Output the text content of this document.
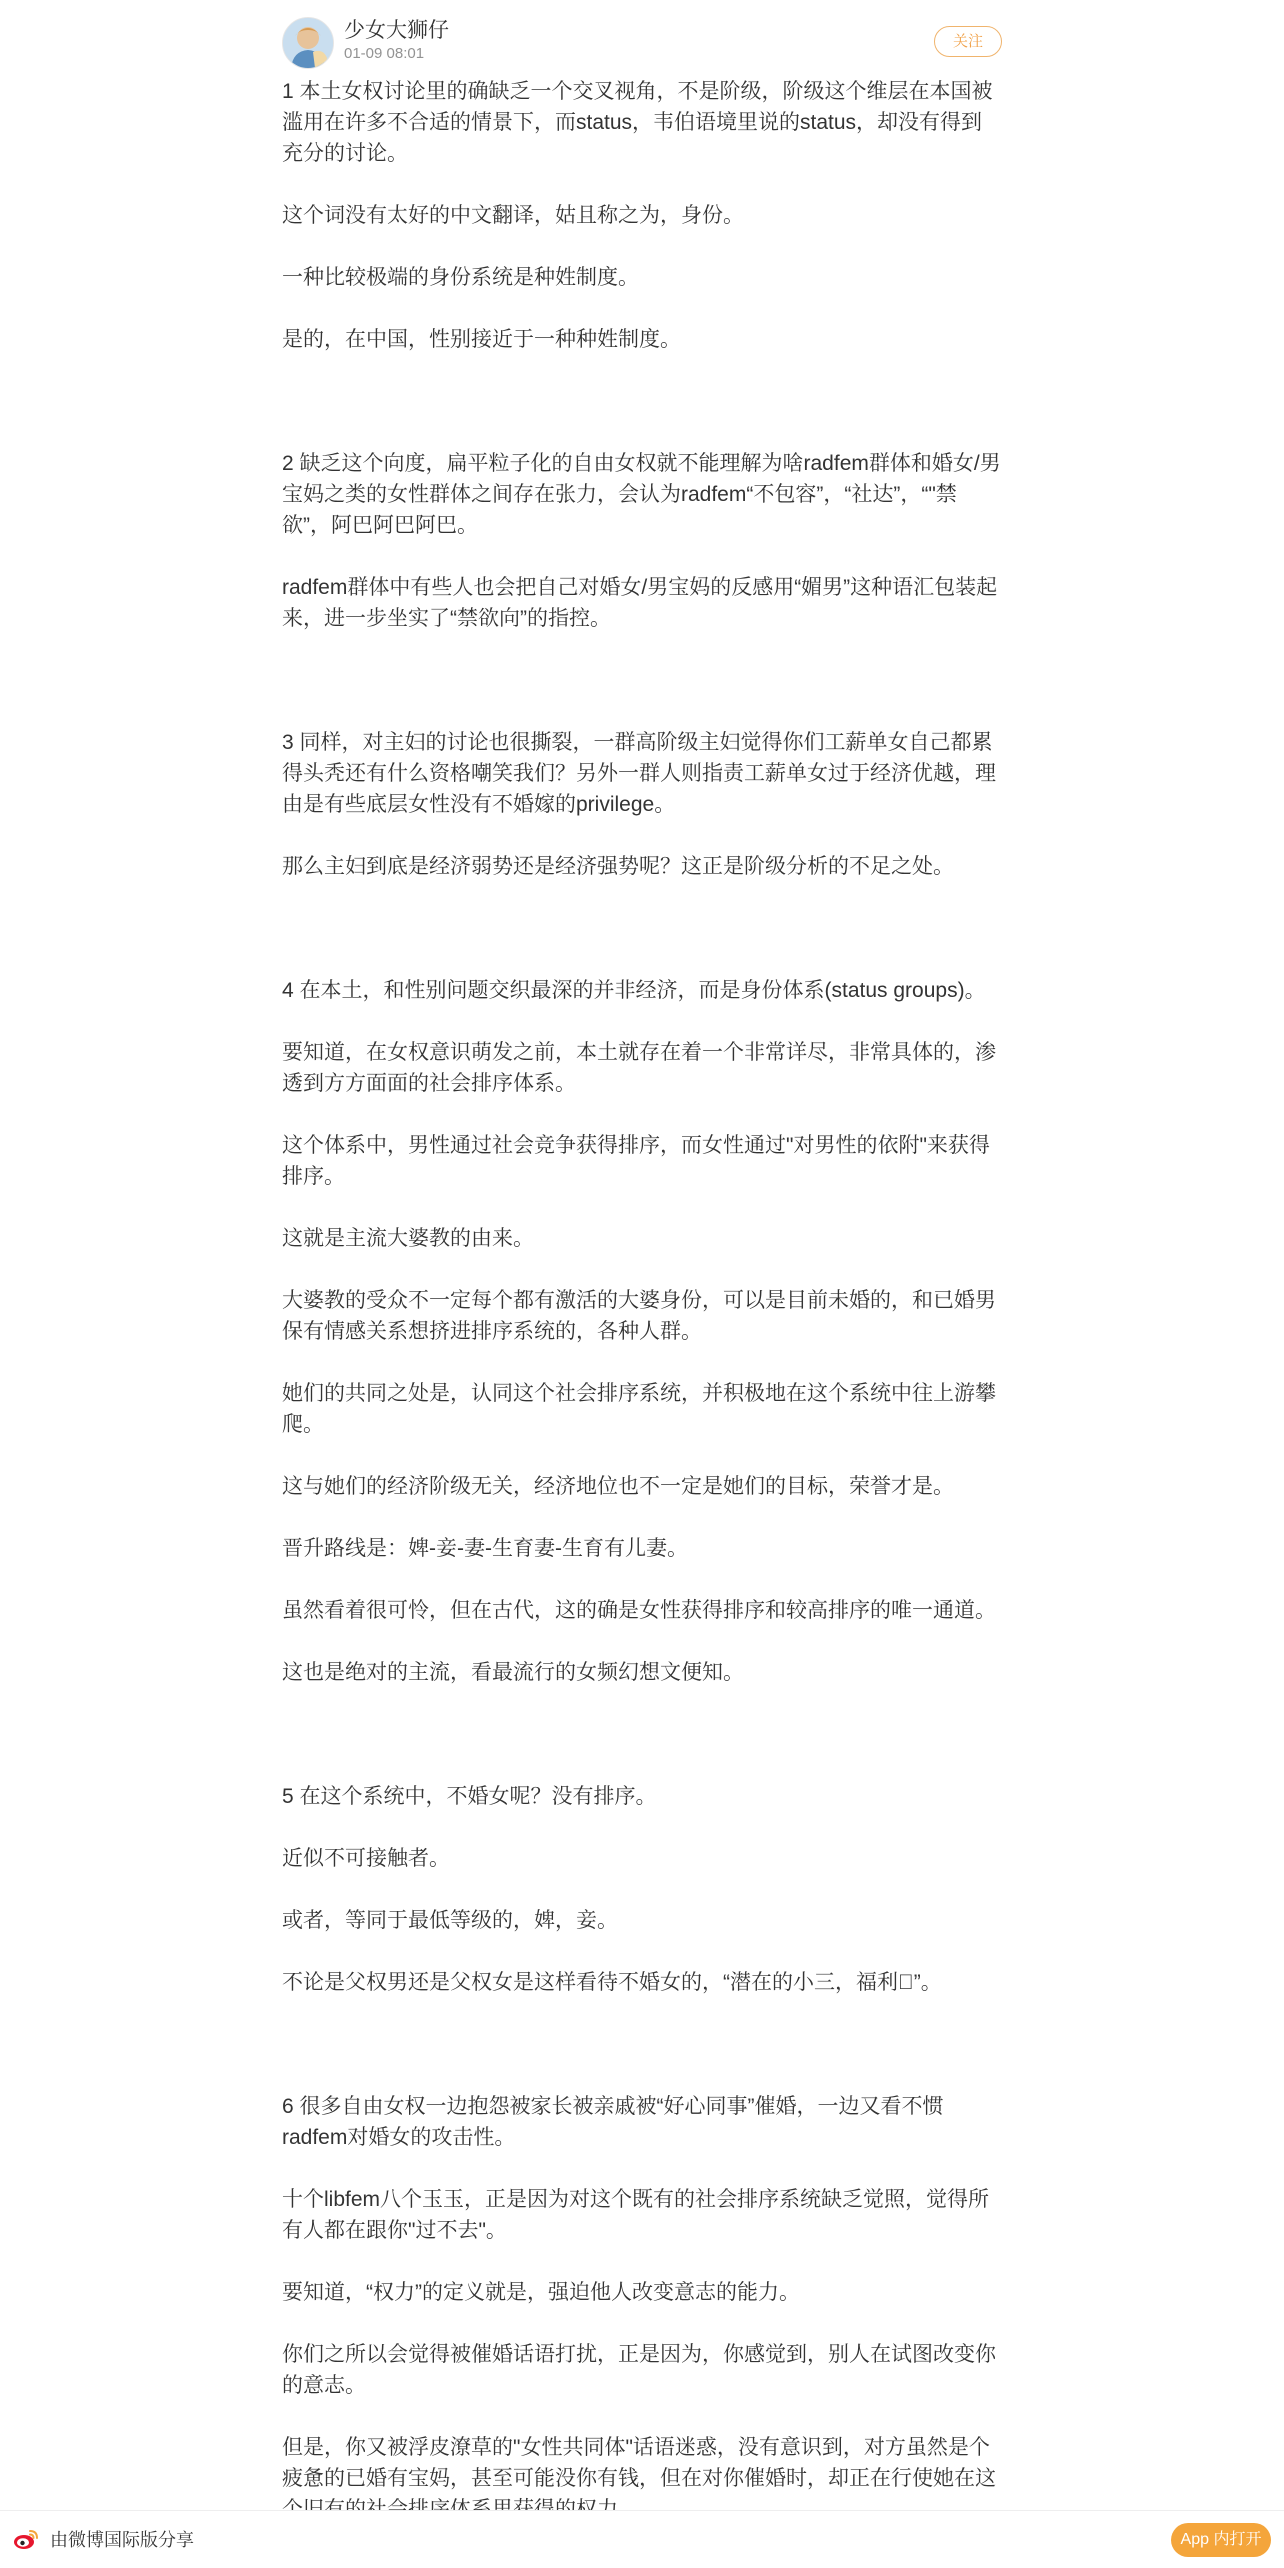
少女大狮仔
01-09 08:01
关注

1 本土女权讨论里的确缺乏一个交叉视角，不是阶级，阶级这个维层在本国被滥用在许多不合适的情景下，而status，韦伯语境里说的status，却没有得到充分的讨论。

这个词没有太好的中文翻译，姑且称之为，身份。

一种比较极端的身份系统是种姓制度。

是的，在中国，性别接近于一种种姓制度。

2 缺乏这个向度，扁平粒子化的自由女权就不能理解为啥radfem群体和婚女/男宝妈之类的女性群体之间存在张力，会认为radfem“不包容”，“社达”，“"禁欲”，阿巴阿巴阿巴。

radfem群体中有些人也会把自己对婚女/男宝妈的反感用“媚男”这种语汇包装起来，进一步坐实了“禁欲向”的指控。

3 同样，对主妇的讨论也很撕裂，一群高阶级主妇觉得你们工薪单女自己都累得头秃还有什么资格嘲笑我们？另外一群人则指责工薪单女过于经济优越，理由是有些底层女性没有不婚嫁的privilege。

那么主妇到底是经济弱势还是经济强势呢？这正是阶级分析的不足之处。

4 在本土，和性别问题交织最深的并非经济，而是身份体系(status groups)。

要知道，在女权意识萌发之前，本土就存在着一个非常详尽，非常具体的，渗透到方方面面的社会排序体系。

这个体系中，男性通过社会竞争获得排序，而女性通过"对男性的依附"来获得排序。

这就是主流大婆教的由来。

大婆教的受众不一定每个都有激活的大婆身份，可以是目前未婚的，和已婚男保有情感关系想挤进排序系统的，各种人群。

她们的共同之处是，认同这个社会排序系统，并积极地在这个系统中往上游攀爬。

这与她们的经济阶级无关，经济地位也不一定是她们的目标，荣誉才是。

晋升路线是：婢-妾-妻-生育妻-生育有儿妻。

虽然看着很可怜，但在古代，这的确是女性获得排序和较高排序的唯一通道。

这也是绝对的主流，看最流行的女频幻想文便知。

5 在这个系统中，不婚女呢？没有排序。

近似不可接触者。

或者，等同于最低等级的，婢，妾。

不论是父权男还是父权女是这样看待不婚女的，“潜在的小三，福利 ”。

6 很多自由女权一边抱怨被家长被亲戚被“好心同事”催婚，一边又看不惯radfem对婚女的攻击性。

十个libfem八个玉玉，正是因为对这个既有的社会排序系统缺乏觉照，觉得所有人都在跟你"过不去"。

要知道，“权力”的定义就是，强迫他人改变意志的能力。

你们之所以会觉得被催婚话语打扰，正是因为，你感觉到，别人在试图改变你的意志。

但是，你又被浮皮潦草的"女性共同体"话语迷惑，没有意识到，对方虽然是个疲惫的已婚有宝妈，甚至可能没你有钱，但在对你催婚时，却正在行使她在这

由微博国际版分享	App 内打开
